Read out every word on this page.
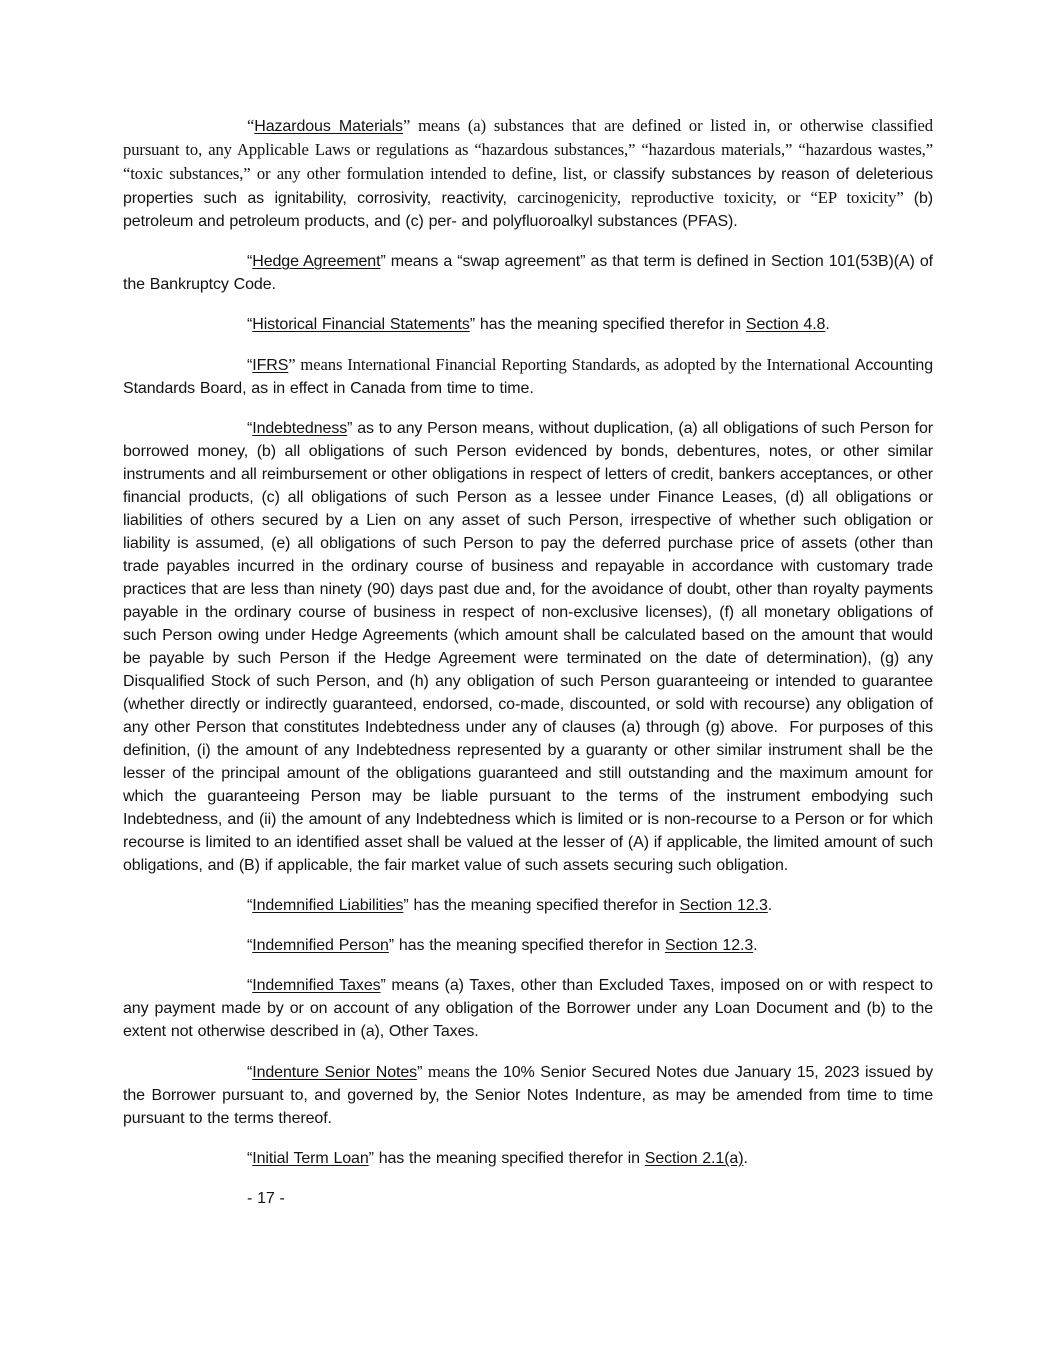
“Hazardous Materials” means (a) substances that are defined or listed in, or otherwise classified pursuant to, any Applicable Laws or regulations as “hazardous substances,” “hazardous materials,” “hazardous wastes,” “toxic substances,” or any other formulation intended to define, list, or classify substances by reason of deleterious properties such as ignitability, corrosivity, reactivity, carcinogenicity, reproductive toxicity, or “EP toxicity” (b) petroleum and petroleum products, and (c) per- and polyfluoroalkyl substances (PFAS).

“Hedge Agreement” means a “swap agreement” as that term is defined in Section 101(53B)(A) of the Bankruptcy Code.

“Historical Financial Statements” has the meaning specified therefor in Section 4.8.

“IFRS” means International Financial Reporting Standards, as adopted by the International Accounting Standards Board, as in effect in Canada from time to time.

“Indebtedness” as to any Person means, without duplication, (a) all obligations of such Person for borrowed money, (b) all obligations of such Person evidenced by bonds, debentures, notes, or other similar instruments and all reimbursement or other obligations in respect of letters of credit, bankers acceptances, or other financial products, (c) all obligations of such Person as a lessee under Finance Leases, (d) all obligations or liabilities of others secured by a Lien on any asset of such Person, irrespective of whether such obligation or liability is assumed, (e) all obligations of such Person to pay the deferred purchase price of assets (other than trade payables incurred in the ordinary course of business and repayable in accordance with customary trade practices that are less than ninety (90) days past due and, for the avoidance of doubt, other than royalty payments payable in the ordinary course of business in respect of non-exclusive licenses), (f) all monetary obligations of such Person owing under Hedge Agreements (which amount shall be calculated based on the amount that would be payable by such Person if the Hedge Agreement were terminated on the date of determination), (g) any Disqualified Stock of such Person, and (h) any obligation of such Person guaranteeing or intended to guarantee (whether directly or indirectly guaranteed, endorsed, co-made, discounted, or sold with recourse) any obligation of any other Person that constitutes Indebtedness under any of clauses (a) through (g) above.  For purposes of this definition, (i) the amount of any Indebtedness represented by a guaranty or other similar instrument shall be the lesser of the principal amount of the obligations guaranteed and still outstanding and the maximum amount for which the guaranteeing Person may be liable pursuant to the terms of the instrument embodying such Indebtedness, and (ii) the amount of any Indebtedness which is limited or is non-recourse to a Person or for which recourse is limited to an identified asset shall be valued at the lesser of (A) if applicable, the limited amount of such obligations, and (B) if applicable, the fair market value of such assets securing such obligation.

“Indemnified Liabilities” has the meaning specified therefor in Section 12.3.

“Indemnified Person” has the meaning specified therefor in Section 12.3.

“Indemnified Taxes” means (a) Taxes, other than Excluded Taxes, imposed on or with respect to any payment made by or on account of any obligation of the Borrower under any Loan Document and (b) to the extent not otherwise described in (a), Other Taxes.

“Indenture Senior Notes” means the 10% Senior Secured Notes due January 15, 2023 issued by the Borrower pursuant to, and governed by, the Senior Notes Indenture, as may be amended from time to time pursuant to the terms thereof.

“Initial Term Loan” has the meaning specified therefor in Section 2.1(a).

- 17 -
